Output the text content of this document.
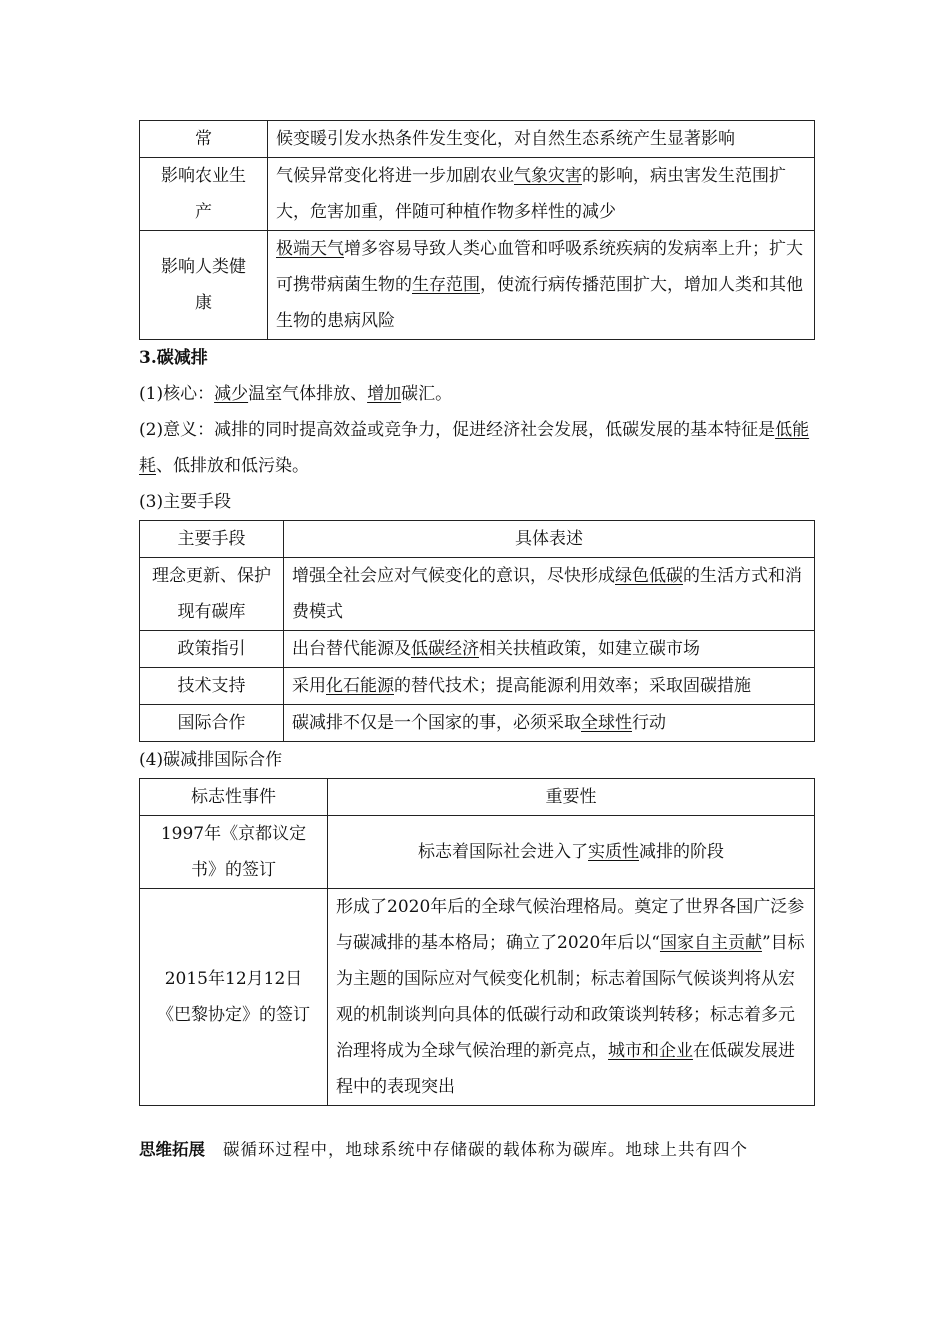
常	候变暖引发水热条件发生变化，对自然生态系统产生显著影响
影响农业生产	气候异常变化将进一步加剧农业气象灾害的影响，病虫害发生范围扩大，危害加重，伴随可种植作物多样性的减少
影响人类健康	极端天气增多容易导致人类心血管和呼吸系统疾病的发病率上升；扩大可携带病菌生物的生存范围，使流行病传播范围扩大，增加人类和其他生物的患病风险

3.碳减排

(1)核心：减少温室气体排放、增加碳汇。

(2)意义：减排的同时提高效益或竞争力，促进经济社会发展，低碳发展的基本特征是低能耗、低排放和低污染。

(3)主要手段

主要手段	具体表述
理念更新、保护现有碳库	增强全社会应对气候变化的意识，尽快形成绿色低碳的生活方式和消费模式
政策指引	出台替代能源及低碳经济相关扶植政策，如建立碳市场
技术支持	采用化石能源的替代技术；提高能源利用效率；采取固碳措施
国际合作	碳减排不仅是一个国家的事，必须采取全球性行动

(4)碳减排国际合作

标志性事件	重要性
1997年《京都议定书》的签订	标志着国际社会进入了实质性减排的阶段
2015年12月12日《巴黎协定》的签订	形成了2020年后的全球气候治理格局。奠定了世界各国广泛参与碳减排的基本格局；确立了2020年后以“国家自主贡献”目标为主题的国际应对气候变化机制；标志着国际气候谈判将从宏观的机制谈判向具体的低碳行动和政策谈判转移；标志着多元治理将成为全球气候治理的新亮点，城市和企业在低碳发展进程中的表现突出

思维拓展 碳循环过程中，地球系统中存储碳的载体称为碳库。地球上共有四个
